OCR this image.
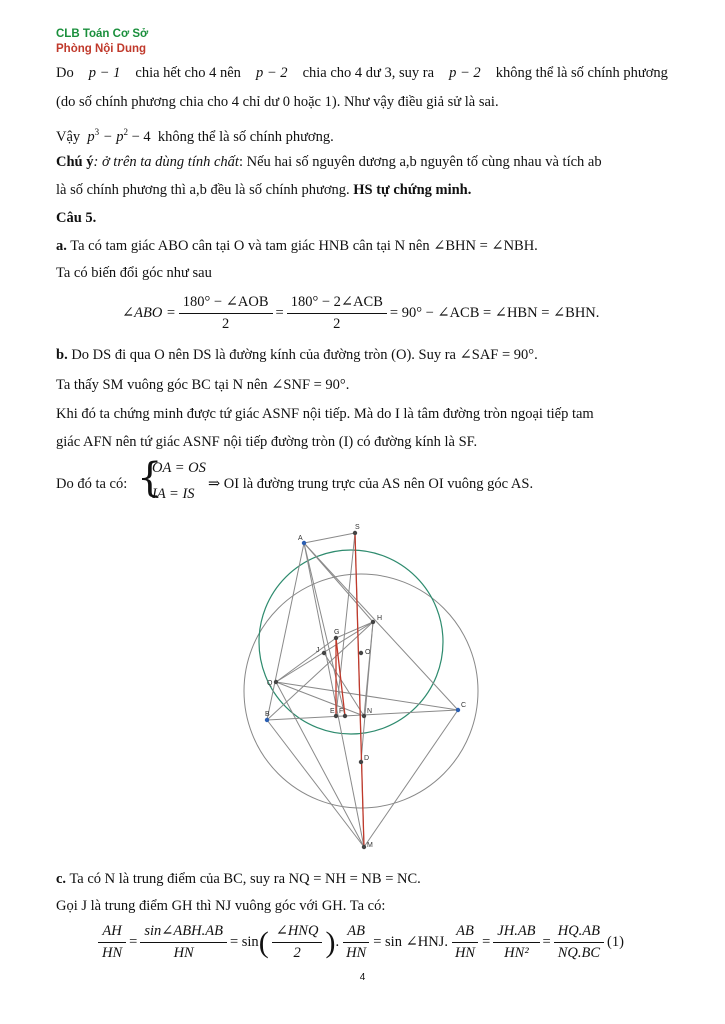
CLB Toán Cơ Sở
Phòng Nội Dung
Do p − 1 chia hết cho 4 nên p − 2 chia cho 4 dư 3, suy ra p − 2 không thể là số chính phương
(do số chính phương chia cho 4 chỉ dư 0 hoặc 1). Như vậy điều giả sử là sai.
Vậy $p^3 - p^2 - 4$ không thể là số chính phương.
Chú ý: ở trên ta dùng tính chất: Nếu hai số nguyên dương a,b nguyên tố cùng nhau và tích ab
là số chính phương thì a,b đều là số chính phương. HS tự chứng minh.
Câu 5.
a. Ta có tam giác ABO cân tại O và tam giác HNB cân tại N nên ∠BHN = ∠NBH.
Ta có biến đổi góc như sau
∠ABO = $\frac{\text{180° − ∠AOB}}{2} = \frac{\text{180° − 2∠ACB}}{2} = 90^\circ$ − ∠ACB = ∠HBN = ∠BHN.
b. Do DS đi qua O nên DS là đường kính của đường tròn (O). Suy ra ∠SAF = 90°.
Ta thấy SM vuông góc BC tại N nên ∠SNF = 90°.
Khi đó ta chứng minh được tứ giác ASNF nội tiếp. Mà do I là tâm đường tròn ngoại tiếp tam
giác AFN nên tứ giác ASNF nội tiếp đường tròn (I) có đường kính là SF.
Do đó ta có: {
OA = OS
IA = IS
⇒ OI là đường trung trực của AS nên OI vuông góc AS.
S
A
H
G
J	O
Q
B
C
E F	N
D
M
c. Ta có N là trung điểm của BC, suy ra NQ = NH = NB = NC.
Gọi J là trung điểm GH thì NJ vuông góc với GH. Ta có:
$\frac{AH}{HN} = \frac{\text{sin∠ABH.AB}}{HN} = \sin$ ( $\frac{\text{∠HNQ}}{2}$ ) . $\frac{AB}{HN} = \sin$ ∠HNJ. $\frac{AB}{HN} = \frac{JH.AB}{\text{HN²}} = \frac{HQ.AB}{NQ.BC} (1)$
4
